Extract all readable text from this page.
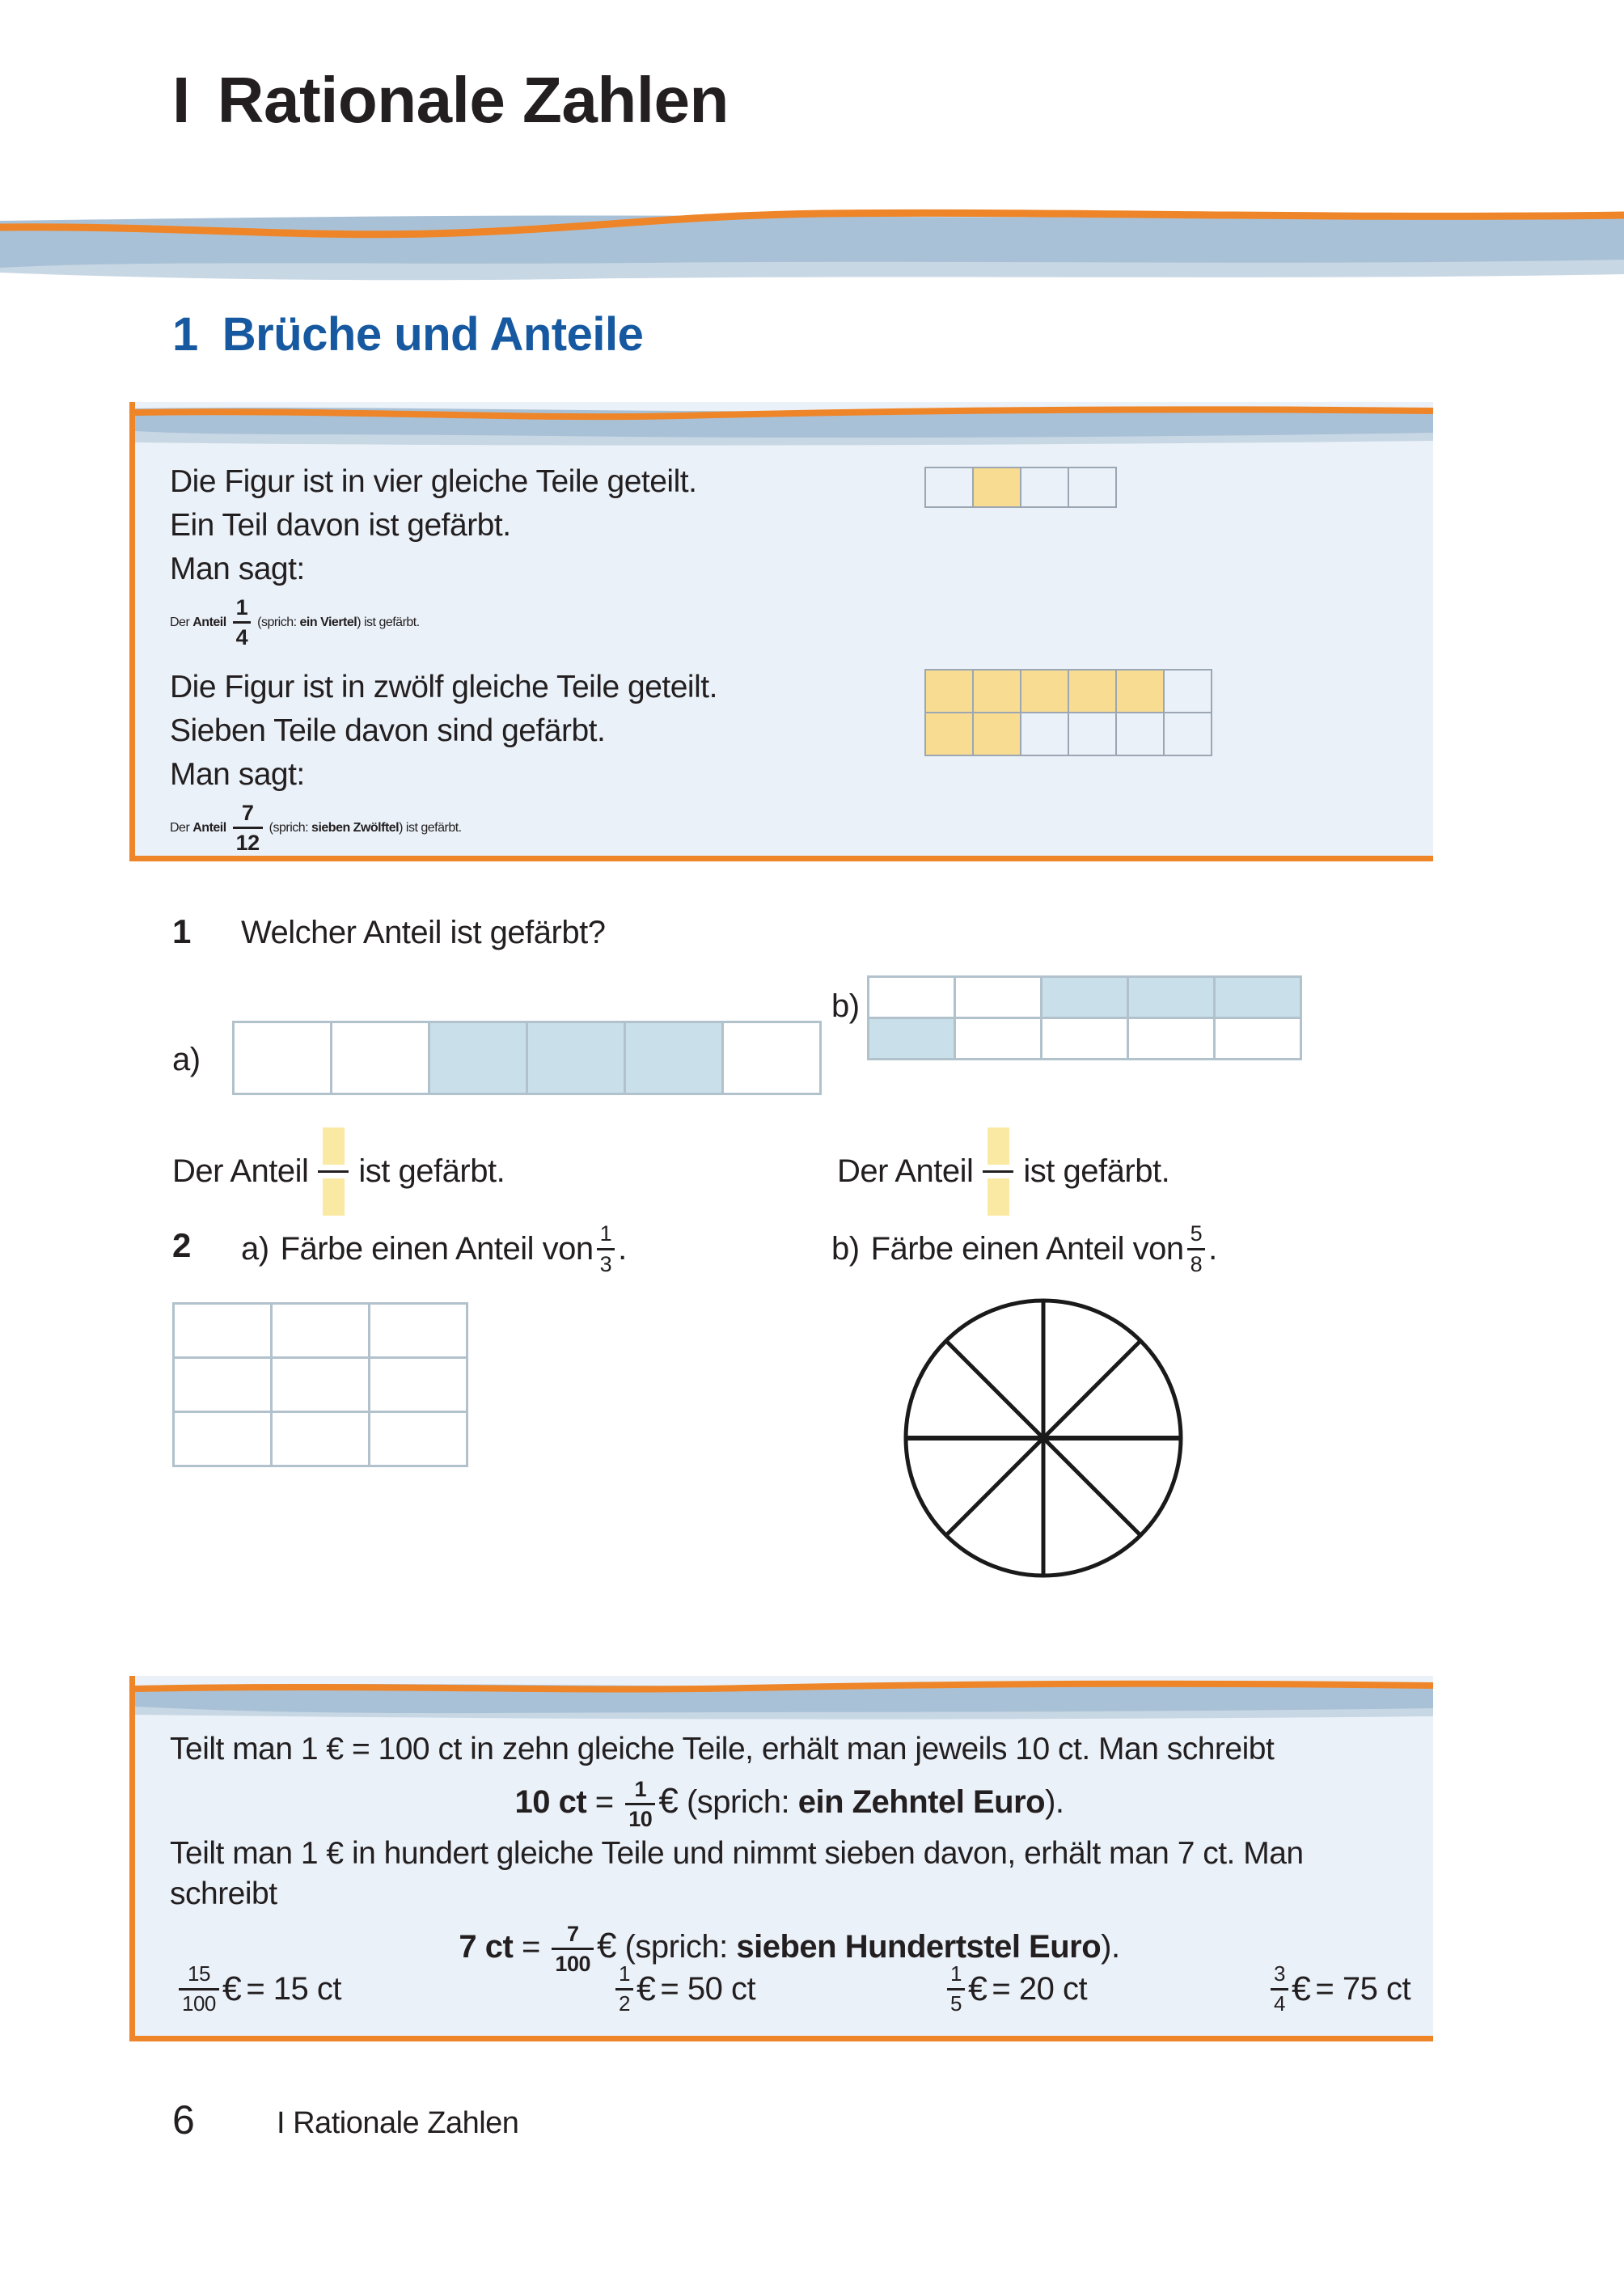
I Rationale Zahlen
1 Brüche und Anteile
Die Figur ist in vier gleiche Teile geteilt.
Ein Teil davon ist gefärbt.
Man sagt:
Der Anteil $\frac{1}{4}$ (sprich: ein Viertel) ist gefärbt.
Die Figur ist in zwölf gleiche Teile geteilt.
Sieben Teile davon sind gefärbt.
Man sagt:
Der Anteil $\frac{7}{12}$ (sprich: sieben Zwölftel) ist gefärbt.
1 Welcher Anteil ist gefärbt?
a)
b)
Der Anteil ist gefärbt.	Der Anteil ist gefärbt.
2 a) Färbe einen Anteil von $\frac{1}{3}$ .	b) Färbe einen Anteil von $\frac{5}{8}$ .
Teilt man 1 € = 100 ct in zehn gleiche Teile, erhält man jeweils 10 ct. Man schreibt
10 ct = $\frac{1}{10}$ € (sprich: ein Zehntel Euro).
Teilt man 1 € in hundert gleiche Teile und nimmt sieben davon, erhält man 7 ct. Man
schreibt
7 ct = $\frac{7}{100}$ € (sprich: sieben Hundertstel Euro).
$\frac{15}{100}$ € = 15 ct	$\frac{1}{2}$ € = 50 ct	$\frac{1}{5}$ € = 20 ct	$\frac{3}{4}$ € = 75 ct
6	I Rationale Zahlen
